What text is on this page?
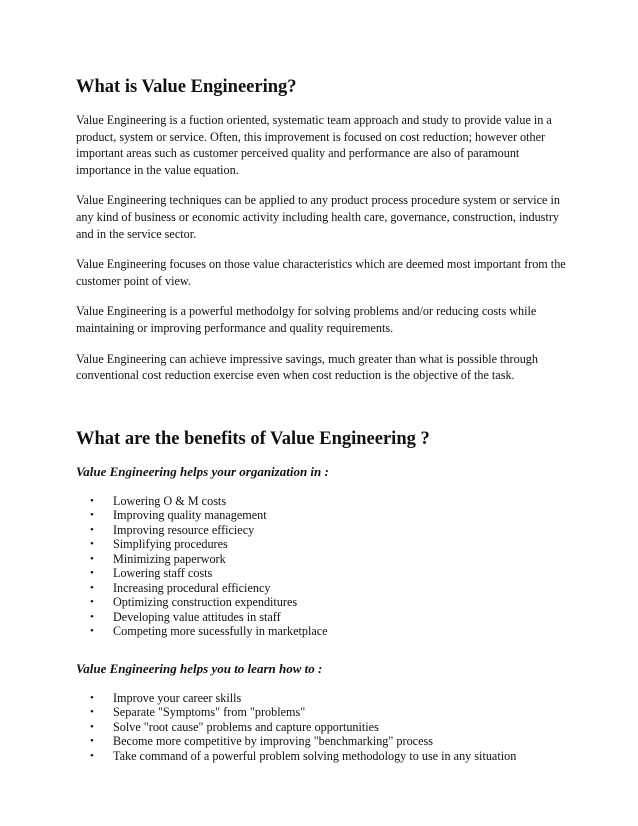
What is Value Engineering?

Value Engineering is a fuction oriented, systematic team approach and study to provide value in a product, system or service. Often, this improvement is focused on cost reduction; however other important areas such as customer perceived quality and performance are also of paramount importance in the value equation.

Value Engineering techniques can be applied to any product process procedure system or service in any kind of business or economic activity including health care, governance, construction, industry and in the service sector.

Value Engineering focuses on those value characteristics which are deemed most important from the customer point of view.

Value Engineering is a powerful methodolgy for solving problems and/or reducing costs while maintaining or improving performance and quality requirements.

Value Engineering can achieve impressive savings, much greater than what is possible through conventional cost reduction exercise even when cost reduction is the objective of the task.

What are the benefits of Value Engineering ?
Value Engineering helps your organization in :
• Lowering O & M costs
• Improving quality management
• Improving resource efficiecy
• Simplifying procedures
• Minimizing paperwork
• Lowering staff costs
• Increasing procedural efficiency
• Optimizing construction expenditures
• Developing value attitudes in staff
• Competing more sucessfully in marketplace
Value Engineering helps you to learn how to :
• Improve your career skills
• Separate "Symptoms" from "problems"
• Solve "root cause" problems and capture opportunities
• Become more competitive by improving "benchmarking" process
• Take command of a powerful problem solving methodology to use in any situation
